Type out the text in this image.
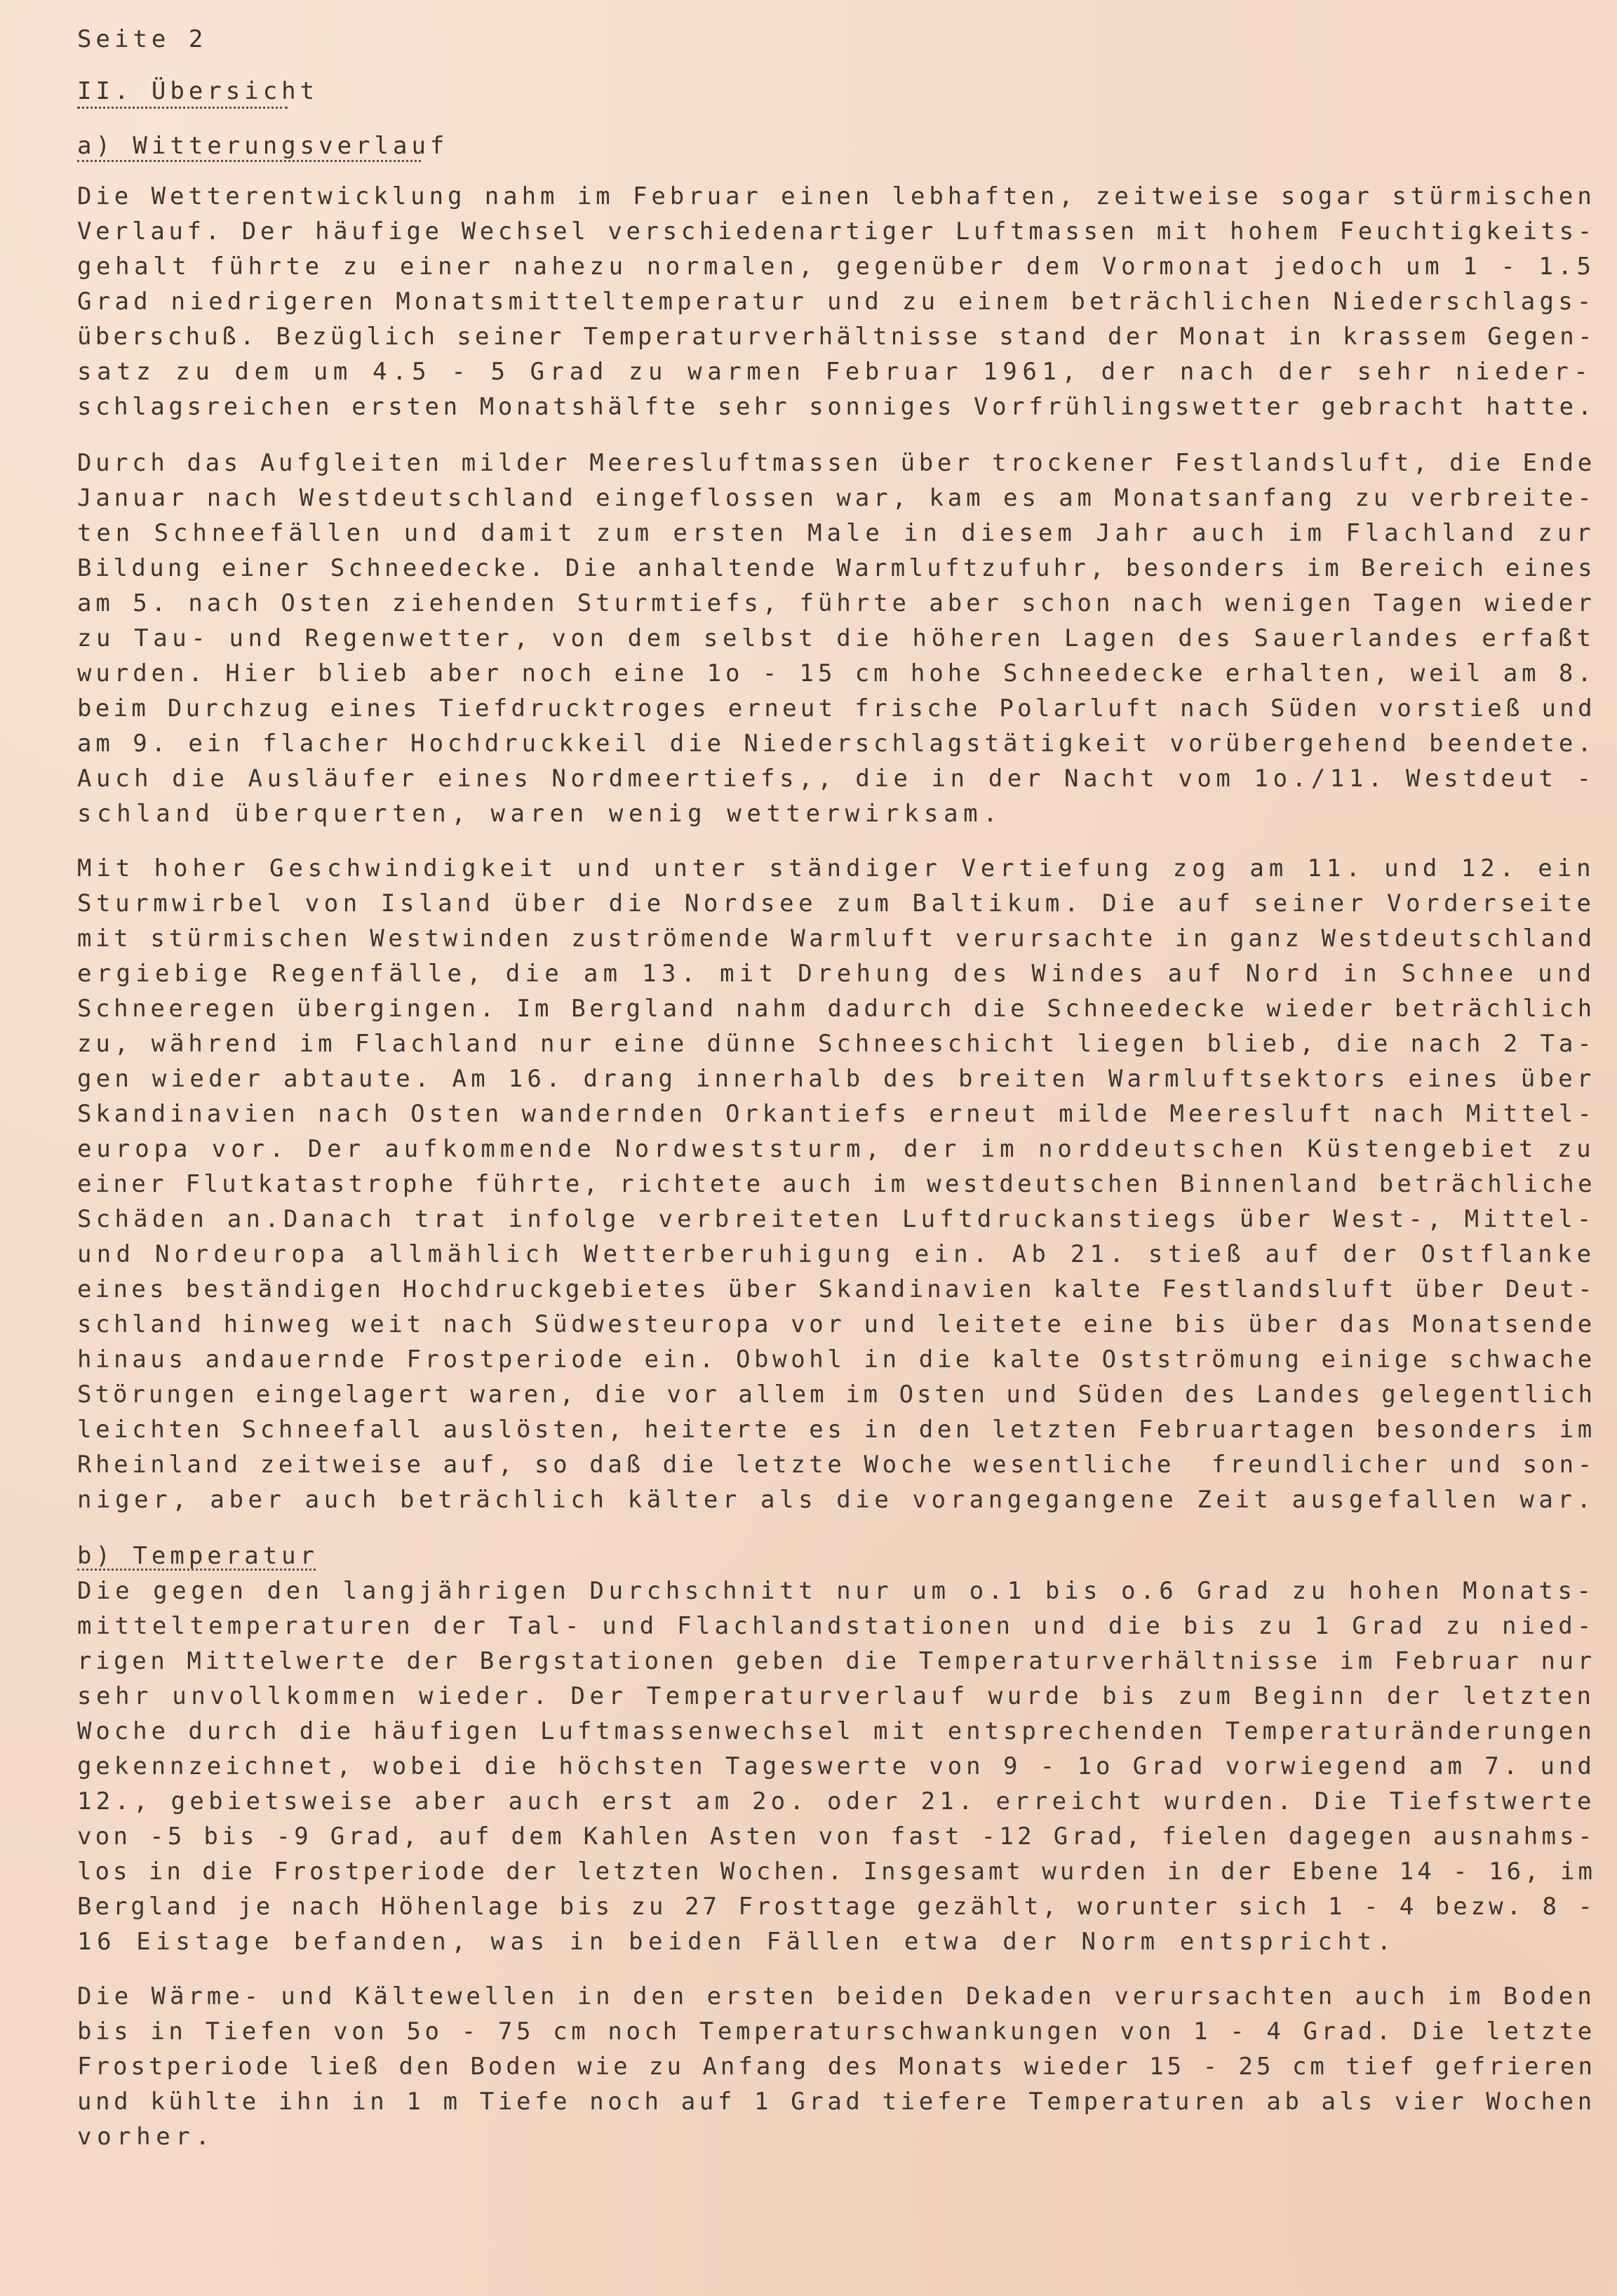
Seite 2
II. Übersicht
a) Witterungsverlauf
Die Wetterentwicklung nahm im Februar einen lebhaften, zeitweise sogar stürmischen
Verlauf. Der häufige Wechsel verschiedenartiger Luftmassen mit hohem Feuchtigkeits-
gehalt führte zu einer nahezu normalen, gegenüber dem Vormonat jedoch um 1 - 1.5
Grad niedrigeren Monatsmitteltemperatur und zu einem beträchlichen Niederschlags-
überschuß. Bezüglich seiner Temperaturverhältnisse stand der Monat in krassem Gegen-
satz zu dem um 4.5 - 5 Grad zu warmen Februar 1961, der nach der sehr nieder-
schlagsreichen ersten Monatshälfte sehr sonniges Vorfrühlingswetter gebracht hatte.
Durch das Aufgleiten milder Meeresluftmassen über trockener Festlandsluft, die Ende
Januar nach Westdeutschland eingeflossen war, kam es am Monatsanfang zu verbreite-
ten Schneefällen und damit zum ersten Male in diesem Jahr auch im Flachland zur
Bildung einer Schneedecke. Die anhaltende Warmluftzufuhr, besonders im Bereich eines
am 5. nach Osten ziehenden Sturmtiefs, führte aber schon nach wenigen Tagen wieder
zu Tau- und Regenwetter, von dem selbst die höheren Lagen des Sauerlandes erfaßt
wurden. Hier blieb aber noch eine 1o - 15 cm hohe Schneedecke erhalten, weil am 8.
beim Durchzug eines Tiefdrucktroges erneut frische Polarluft nach Süden vorstieß und
am 9. ein flacher Hochdruckkeil die Niederschlagstätigkeit vorübergehend beendete.
Auch die Ausläufer eines Nordmeertiefs,, die in der Nacht vom 1o./11. Westdeut -
schland überquerten, waren wenig wetterwirksam.
Mit hoher Geschwindigkeit und unter ständiger Vertiefung zog am 11. und 12. ein
Sturmwirbel von Island über die Nordsee zum Baltikum. Die auf seiner Vorderseite
mit stürmischen Westwinden zuströmende Warmluft verursachte in ganz Westdeutschland
ergiebige Regenfälle, die am 13. mit Drehung des Windes auf Nord in Schnee und
Schneeregen übergingen. Im Bergland nahm dadurch die Schneedecke wieder beträchlich
zu, während im Flachland nur eine dünne Schneeschicht liegen blieb, die nach 2 Ta-
gen wieder abtaute. Am 16. drang innerhalb des breiten Warmluftsektors eines über
Skandinavien nach Osten wandernden Orkantiefs erneut milde Meeresluft nach Mittel-
europa vor. Der aufkommende Nordweststurm, der im norddeutschen Küstengebiet zu
einer Flutkatastrophe führte, richtete auch im westdeutschen Binnenland beträchliche
Schäden an.Danach trat infolge verbreiteten Luftdruckanstiegs über West-, Mittel-
und Nordeuropa allmählich Wetterberuhigung ein. Ab 21. stieß auf der Ostflanke
eines beständigen Hochdruckgebietes über Skandinavien kalte Festlandsluft über Deut-
schland hinweg weit nach Südwesteuropa vor und leitete eine bis über das Monatsende
hinaus andauernde Frostperiode ein. Obwohl in die kalte Ostströmung einige schwache
Störungen eingelagert waren, die vor allem im Osten und Süden des Landes gelegentlich
leichten Schneefall auslösten, heiterte es in den letzten Februartagen besonders im
Rheinland zeitweise auf, so daß die letzte Woche wesentliche  freundlicher und son-
niger, aber auch beträchlich kälter als die vorangegangene Zeit ausgefallen war.
b) Temperatur
Die gegen den langjährigen Durchschnitt nur um o.1 bis o.6 Grad zu hohen Monats-
mitteltemperaturen der Tal- und Flachlandstationen und die bis zu 1 Grad zu nied-
rigen Mittelwerte der Bergstationen geben die Temperaturverhältnisse im Februar nur
sehr unvollkommen wieder. Der Temperaturverlauf wurde bis zum Beginn der letzten
Woche durch die häufigen Luftmassenwechsel mit entsprechenden Temperaturänderungen
gekennzeichnet, wobei die höchsten Tageswerte von 9 - 1o Grad vorwiegend am 7. und
12., gebietsweise aber auch erst am 2o. oder 21. erreicht wurden. Die Tiefstwerte
von -5 bis -9 Grad, auf dem Kahlen Asten von fast -12 Grad, fielen dagegen ausnahms-
los in die Frostperiode der letzten Wochen. Insgesamt wurden in der Ebene 14 - 16, im
Bergland je nach Höhenlage bis zu 27 Frosttage gezählt, worunter sich 1 - 4 bezw. 8 -
16 Eistage befanden, was in beiden Fällen etwa der Norm entspricht.
Die Wärme- und Kältewellen in den ersten beiden Dekaden verursachten auch im Boden
bis in Tiefen von 5o - 75 cm noch Temperaturschwankungen von 1 - 4 Grad. Die letzte
Frostperiode ließ den Boden wie zu Anfang des Monats wieder 15 - 25 cm tief gefrieren
und kühlte ihn in 1 m Tiefe noch auf 1 Grad tiefere Temperaturen ab als vier Wochen
vorher.
